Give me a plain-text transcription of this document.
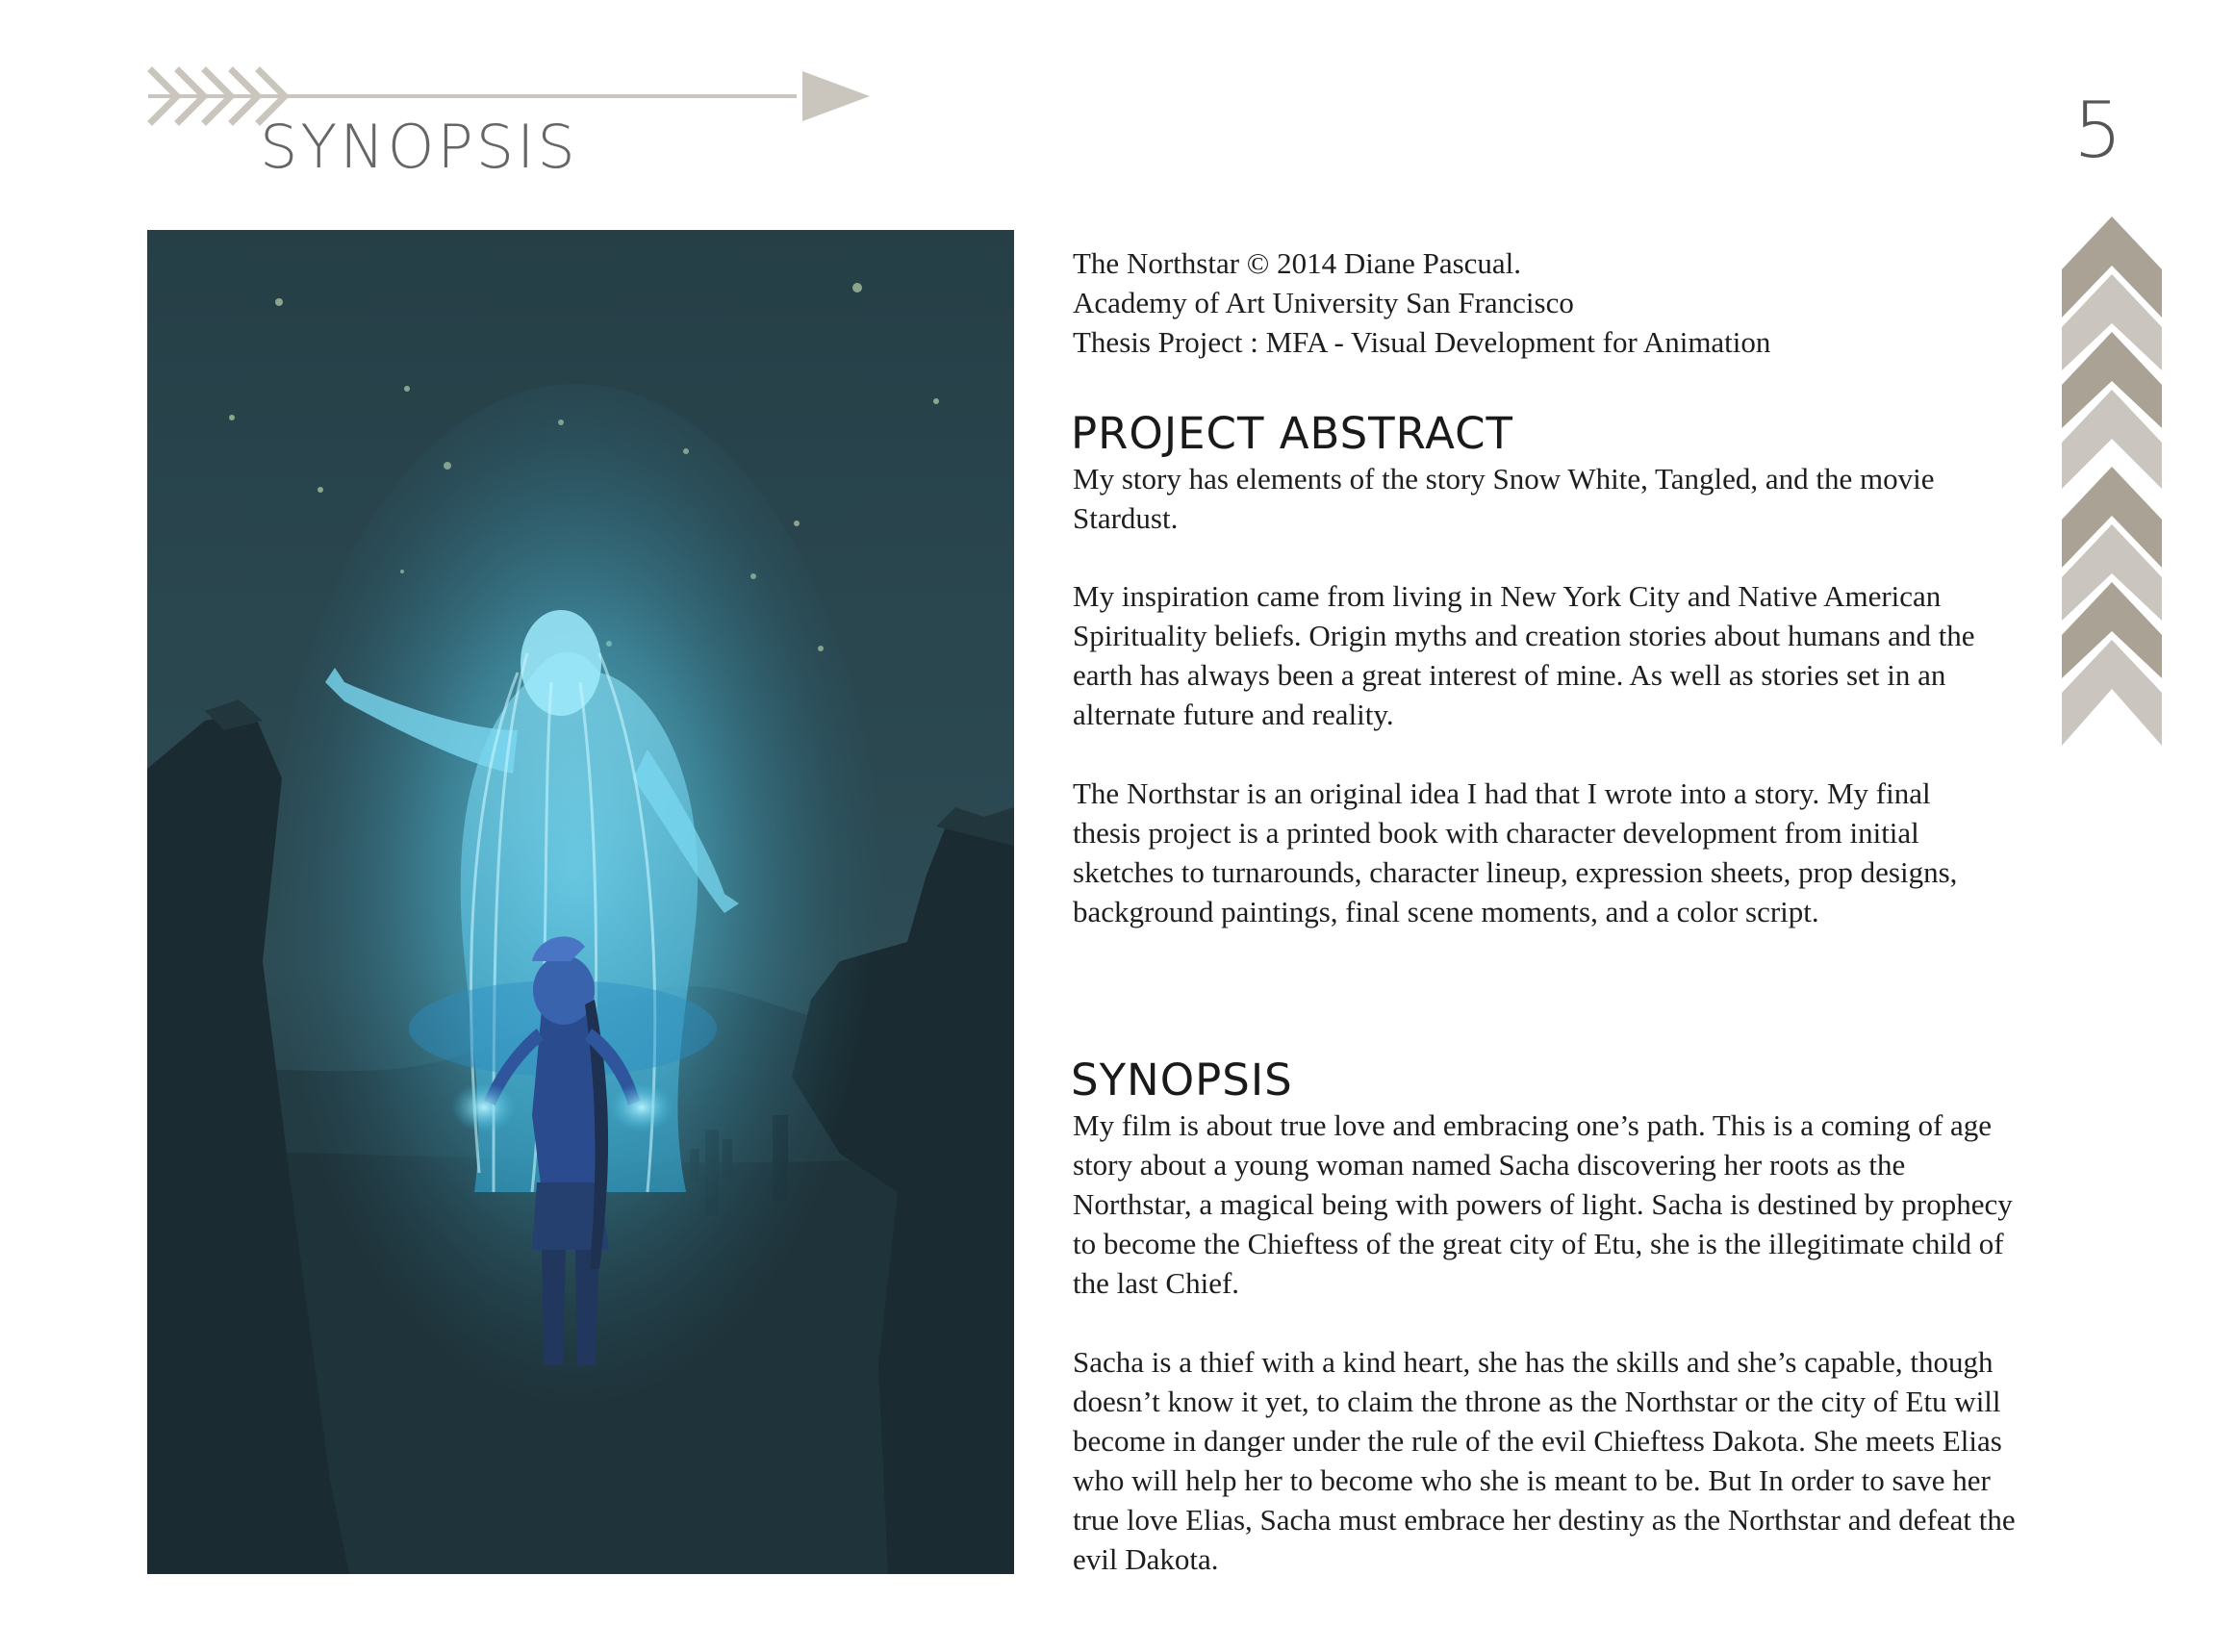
SYNOPSIS	5
The Northstar © 2014 Diane Pascual.
Academy of Art University San Francisco
Thesis Project : MFA - Visual Development for Animation
PROJECT ABSTRACT

My story has elements of the story Snow White, Tangled, and the movie Stardust.

My inspiration came from living in New York City and Native American Spirituality beliefs. Origin myths and creation stories about humans and the earth has always been a great interest of mine. As well as stories set in an alternate future and reality.

The Northstar is an original idea I had that I wrote into a story. My final thesis project is a printed book with character development from initial sketches to turnarounds, character lineup, expression sheets, prop designs, background paintings, final scene moments, and a color script.

SYNOPSIS

My film is about true love and embracing one’s path. This is a coming of age story about a young woman named Sacha discovering her roots as the Northstar, a magical being with powers of light. Sacha is destined by prophecy to become the Chieftess of the great city of Etu, she is the illegitimate child of the last Chief.

Sacha is a thief with a kind heart, she has the skills and she’s capable, though doesn’t know it yet, to claim the throne as the Northstar or the city of Etu will become in danger under the rule of the evil Chieftess Dakota. She meets Elias who will help her to become who she is meant to be. But In order to save her true love Elias, Sacha must embrace her destiny as the Northstar and defeat the evil Dakota.
